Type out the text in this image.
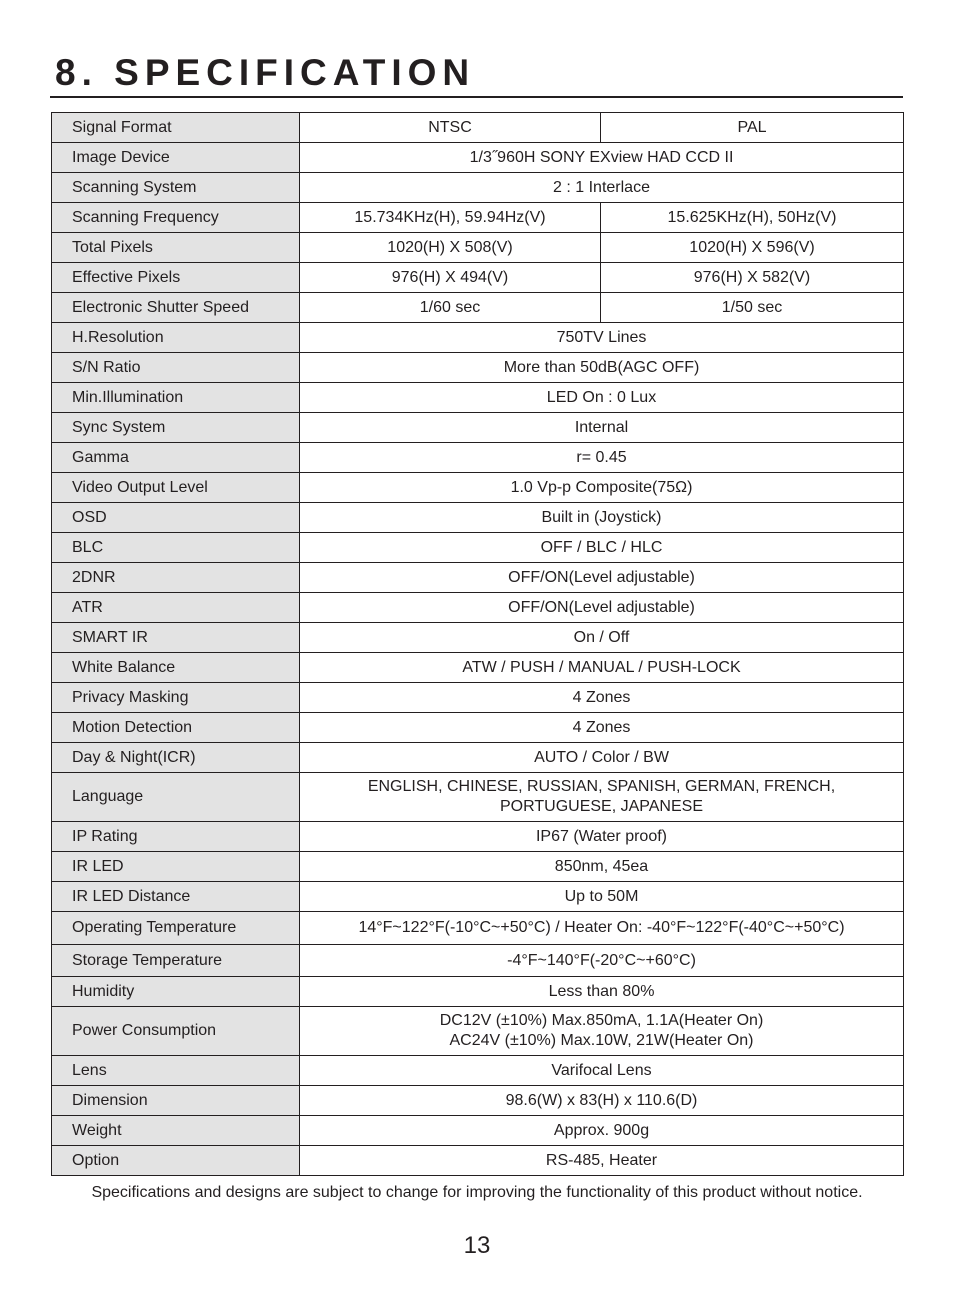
8. SPECIFICATION
Signal Format	NTSC	PAL
Image Device	1/3˝960H SONY EXview HAD CCD II	
Scanning System	2 : 1 Interlace	
Scanning Frequency	15.734KHz(H), 59.94Hz(V)	15.625KHz(H), 50Hz(V)
Total Pixels	1020(H) X 508(V)	1020(H) X 596(V)
Effective Pixels	976(H) X 494(V)	976(H) X 582(V)
Electronic Shutter Speed	1/60 sec	1/50 sec
H.Resolution	750TV Lines	
S/N Ratio	More than 50dB(AGC OFF)	
Min.Illumination	LED On : 0 Lux	
Sync System	Internal	
Gamma	r= 0.45	
Video Output Level	1.0 Vp-p Composite(75Ω)	
OSD	Built in (Joystick)	
BLC	OFF / BLC / HLC	
2DNR	OFF/ON(Level adjustable)	
ATR	OFF/ON(Level adjustable)	
SMART IR	On / Off	
White Balance	ATW / PUSH / MANUAL / PUSH-LOCK	
Privacy Masking	4 Zones	
Motion Detection	4 Zones	
Day & Night(ICR)	AUTO / Color / BW	
Language	ENGLISH, CHINESE, RUSSIAN, SPANISH, GERMAN, FRENCH,
PORTUGUESE, JAPANESE	

IP Rating	IP67 (Water proof)	
IR LED	850nm, 45ea	
IR LED Distance	Up to 50M	
Operating Temperature	14°F~122°F(-10°C~+50°C) / Heater On: -40°F~122°F(-40°C~+50°C)	
Storage Temperature	-4°F~140°F(-20°C~+60°C)	
Humidity	Less than 80%	
Power Consumption	DC12V (±10%) Max.850mA, 1.1A(Heater On)
AC24V (±10%) Max.10W, 21W(Heater On)	

Lens	Varifocal Lens	
Dimension	98.6(W) x 83(H) x 110.6(D)	
Weight	Approx. 900g	
Option	RS-485, Heater	
Specifications and designs are subject to change for improving the functionality of this product without notice.
13
